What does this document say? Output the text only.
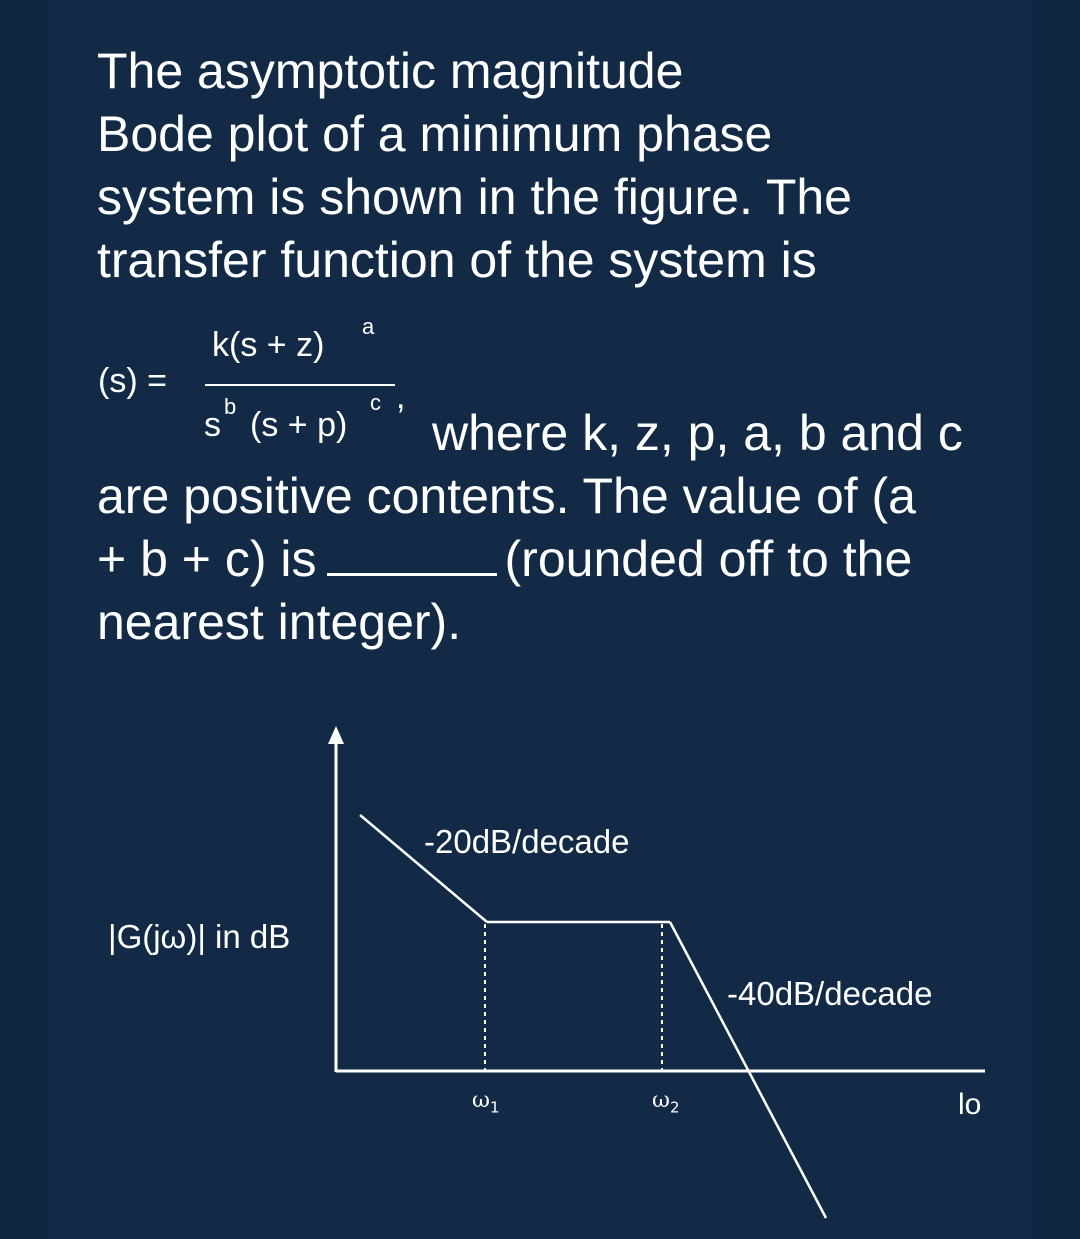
The asymptotic magnitude
Bode plot of a minimum phase
system is shown in the figure. The
transfer function of the system is
(s) =
k(s + z) a
s b (s + p)
c ,
where k, z, p, a, b and c
are positive contents. The value of (a
+ b + c) is	(rounded off to the
nearest integer).
-20dB/decade
|G(jω)| in dB
-40dB/decade
$\omega_1$	$\omega_2$	lo
